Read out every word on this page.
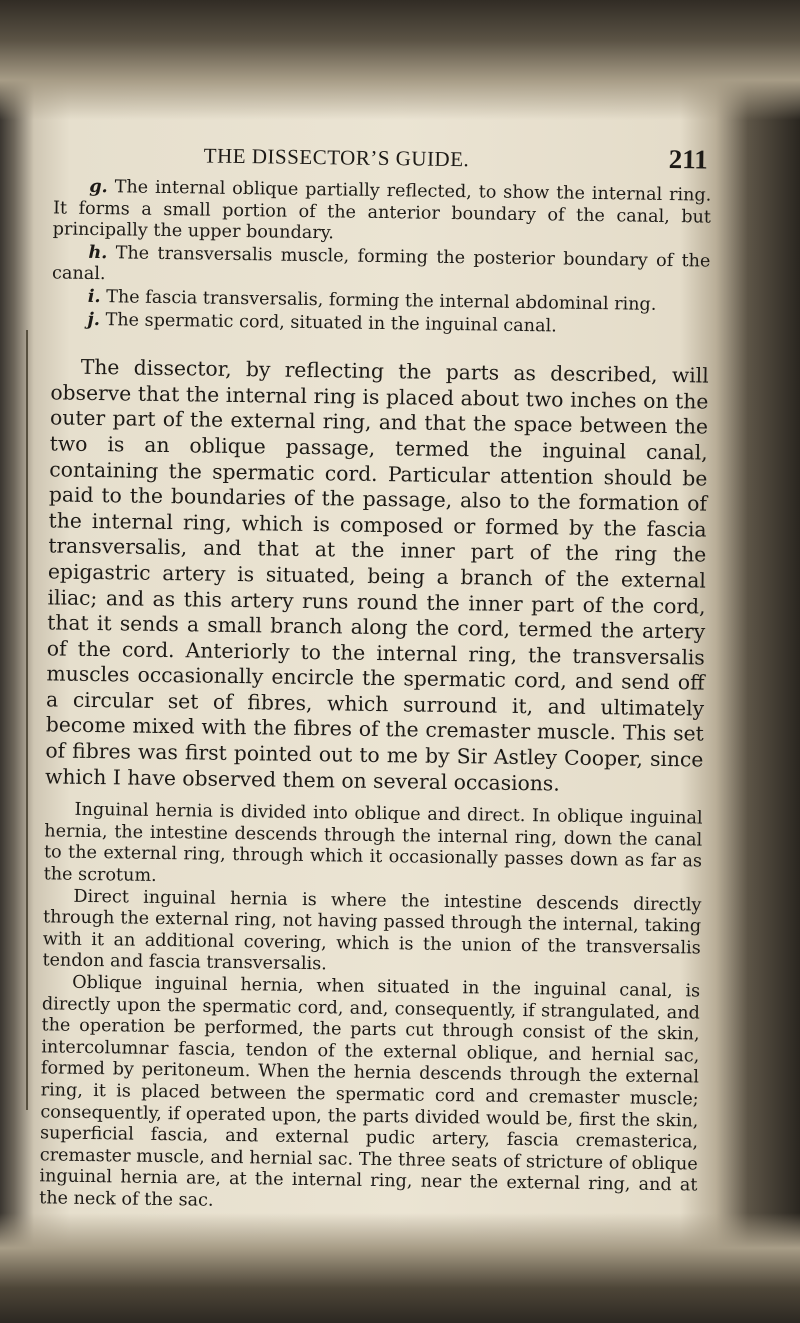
THE DISSECTOR’S GUIDE.	211

g. The internal oblique partially reflected, to show the internal ring. It forms a small portion of the anterior boundary of the canal, but principally the upper boundary.

h. The transversalis muscle, forming the posterior boundary of the canal.

i. The fascia transversalis, forming the internal abdominal ring.

j. The spermatic cord, situated in the inguinal canal.

The dissector, by reflecting the parts as described, will observe that the internal ring is placed about two inches on the outer part of the external ring, and that the space between the two is an oblique passage, termed the inguinal canal, containing the spermatic cord. Particular attention should be paid to the boundaries of the passage, also to the formation of the internal ring, which is composed or formed by the fascia transversalis, and that at the inner part of the ring the epigastric artery is situated, being a branch of the external iliac; and as this artery runs round the inner part of the cord, that it sends a small branch along the cord, termed the artery of the cord. Anteriorly to the internal ring, the transversalis muscles occasionally encircle the spermatic cord, and send off a circular set of fibres, which surround it, and ultimately become mixed with the fibres of the cremaster muscle. This set of fibres was first pointed out to me by Sir Astley Cooper, since which I have observed them on several occasions.

Inguinal hernia is divided into oblique and direct. In oblique inguinal hernia, the intestine descends through the internal ring, down the canal to the external ring, through which it occasionally passes down as far as the scrotum.

Direct inguinal hernia is where the intestine descends directly through the external ring, not having passed through the internal, taking with it an additional covering, which is the union of the transversalis tendon and fascia transversalis.

Oblique inguinal hernia, when situated in the inguinal canal, is directly upon the spermatic cord, and, consequently, if strangulated, and the operation be performed, the parts cut through consist of the skin, intercolumnar fascia, tendon of the external oblique, and hernial sac, formed by peritoneum. When the hernia descends through the external ring, it is placed between the spermatic cord and cremaster muscle; consequently, if operated upon, the parts divided would be, first the skin, superficial fascia, and external pudic artery, fascia cremasterica, cremaster muscle, and hernial sac. The three seats of stricture of oblique inguinal hernia are, at the internal ring, near the external ring, and at the neck of the sac.
